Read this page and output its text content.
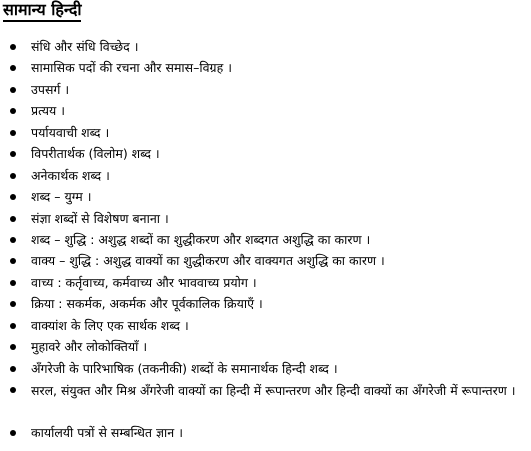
सामान्य हिन्दी
संधि और संधि विच्छेद ।
सामासिक पदों की रचना और समास–विग्रह ।
उपसर्ग ।
प्रत्यय ।
पर्यायवाची शब्द ।
विपरीतार्थक (विलोम) शब्द ।
अनेकार्थक शब्द ।
शब्द – युग्म ।
संज्ञा शब्दों से विशेषण बनाना ।
शब्द – शुद्धि : अशुद्ध शब्दों का शुद्धीकरण और शब्दगत अशुद्धि का कारण ।
वाक्य – शुद्धि : अशुद्ध वाक्यों का शुद्धीकरण और वाक्यगत अशुद्धि का कारण ।
वाच्य : कर्तृवाच्य, कर्मवाच्य और भाववाच्य प्रयोग ।
क्रिया : सकर्मक, अकर्मक और पूर्वकालिक क्रियाएँ ।
वाक्यांश के लिए एक सार्थक शब्द ।
मुहावरे और लोकोक्तियाँ ।
अँगरेजी के पारिभाषिक (तकनीकी) शब्दों के समानार्थक हिन्दी शब्द ।
सरल, संयुक्त और मिश्र अँगरेजी वाक्यों का हिन्दी में रूपान्तरण और हिन्दी वाक्यों का अँगरेजी में रूपान्तरण ।
कार्यालयी पत्रों से सम्बन्धित ज्ञान ।
